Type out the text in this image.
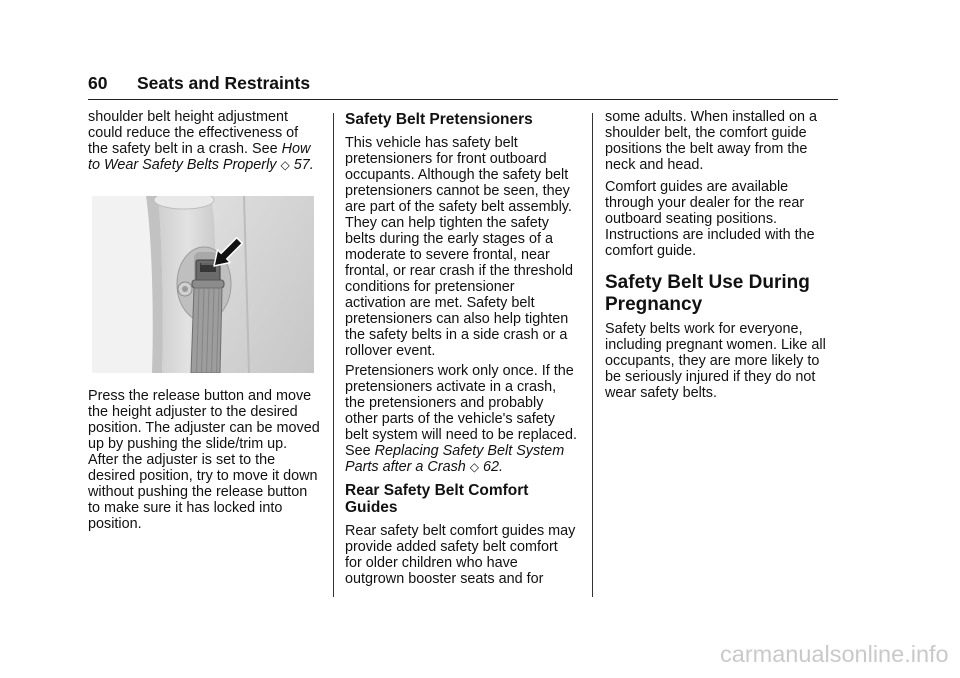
60 Seats and Restraints
shoulder belt height adjustment
could reduce the effectiveness of
the safety belt in a crash. See How
to Wear Safety Belts Properly ◇ 57.
Press the release button and move
the height adjuster to the desired
position. The adjuster can be moved
up by pushing the slide/trim up.
After the adjuster is set to the
desired position, try to move it down
without pushing the release button
to make sure it has locked into
position.
Safety Belt Pretensioners
This vehicle has safety belt
pretensioners for front outboard
occupants. Although the safety belt
pretensioners cannot be seen, they
are part of the safety belt assembly.
They can help tighten the safety
belts during the early stages of a
moderate to severe frontal, near
frontal, or rear crash if the threshold
conditions for pretensioner
activation are met. Safety belt
pretensioners can also help tighten
the safety belts in a side crash or a
rollover event.
Pretensioners work only once. If the
pretensioners activate in a crash,
the pretensioners and probably
other parts of the vehicle's safety
belt system will need to be replaced.
See Replacing Safety Belt System
Parts after a Crash ◇ 62.
Rear Safety Belt Comfort
Guides
Rear safety belt comfort guides may
provide added safety belt comfort
for older children who have
outgrown booster seats and for
some adults. When installed on a
shoulder belt, the comfort guide
positions the belt away from the
neck and head.
Comfort guides are available
through your dealer for the rear
outboard seating positions.
Instructions are included with the
comfort guide.
Safety Belt Use During
Pregnancy
Safety belts work for everyone,
including pregnant women. Like all
occupants, they are more likely to
be seriously injured if they do not
wear safety belts.
carmanualsonline.info
